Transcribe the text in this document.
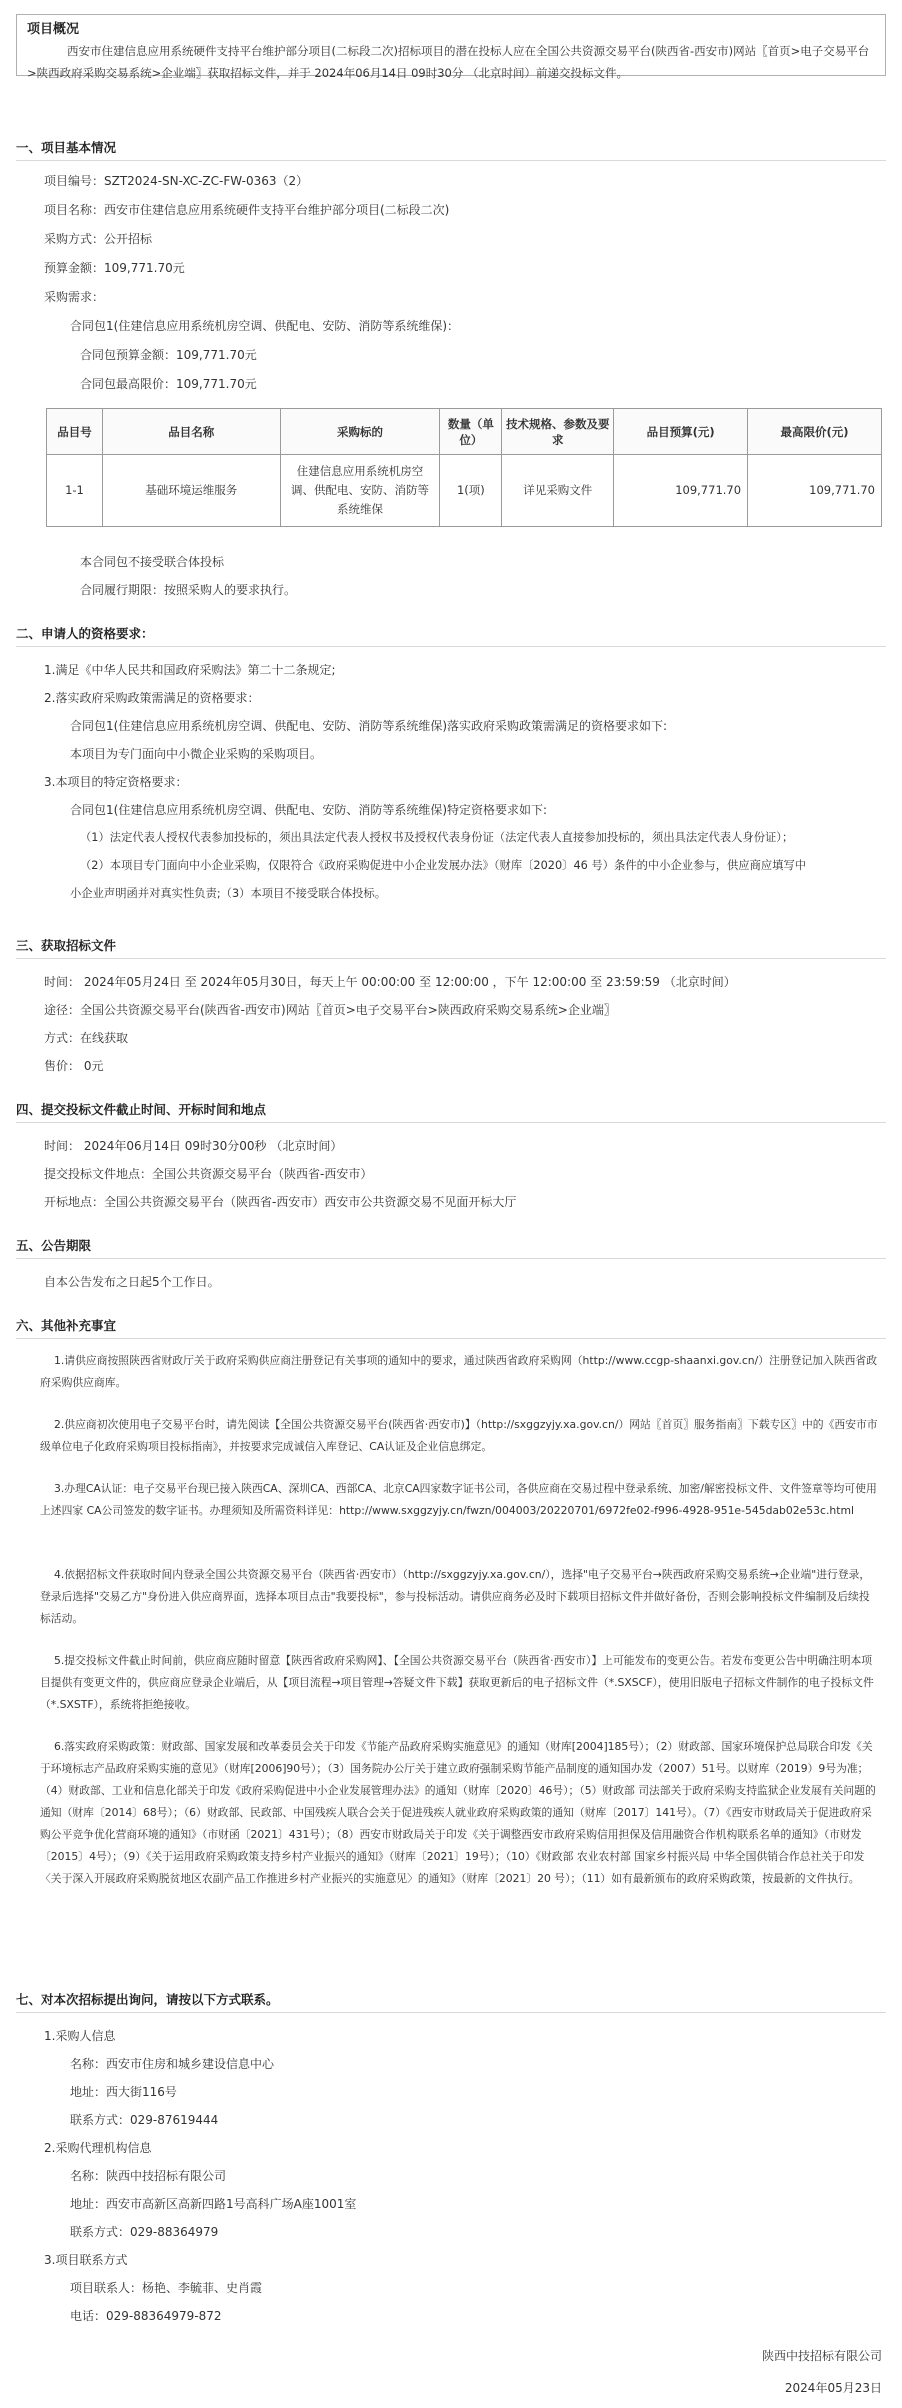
项目概况
西安市住建信息应用系统硬件支持平台维护部分项目(二标段二次)招标项目的潜在投标人应在全国公共资源交易平台(陕西省-西安市)网站〖首页>电子交易平台>陕西政府采购交易系统>企业端〗获取招标文件，并于 2024年06月14日 09时30分 （北京时间）前递交投标文件。
一、项目基本情况
项目编号：SZT2024-SN-XC-ZC-FW-0363（2）
项目名称：西安市住建信息应用系统硬件支持平台维护部分项目(二标段二次)
采购方式：公开招标
预算金额：109,771.70元
采购需求：
合同包1(住建信息应用系统机房空调、供配电、安防、消防等系统维保)：
合同包预算金额：109,771.70元
合同包最高限价：109,771.70元
品目号	品目名称	采购标的	数量（单位）	技术规格、参数及要求	品目预算(元)	最高限价(元)
1-1	基础环境运维服务	住建信息应用系统机房空调、供配电、安防、消防等系统维保	1(项)	详见采购文件	109,771.70	109,771.70
本合同包不接受联合体投标
合同履行期限：按照采购人的要求执行。
二、申请人的资格要求：
1.满足《中华人民共和国政府采购法》第二十二条规定;
2.落实政府采购政策需满足的资格要求：
合同包1(住建信息应用系统机房空调、供配电、安防、消防等系统维保)落实政府采购政策需满足的资格要求如下:
本项目为专门面向中小微企业采购的采购项目。
3.本项目的特定资格要求：
合同包1(住建信息应用系统机房空调、供配电、安防、消防等系统维保)特定资格要求如下:
（1）法定代表人授权代表参加投标的，须出具法定代表人授权书及授权代表身份证（法定代表人直接参加投标的，须出具法定代表人身份证）；
（2）本项目专门面向中小企业采购，仅限符合《政府采购促进中小企业发展办法》（财库〔2020〕46 号）条件的中小企业参与，供应商应填写中
小企业声明函并对真实性负责;（3）本项目不接受联合体投标。
三、获取招标文件
时间： 2024年05月24日 至 2024年05月30日，每天上午 00:00:00 至 12:00:00 ，下午 12:00:00 至 23:59:59 （北京时间）
途径：全国公共资源交易平台(陕西省-西安市)网站〖首页>电子交易平台>陕西政府采购交易系统>企业端〗
方式：在线获取
售价： 0元
四、提交投标文件截止时间、开标时间和地点
时间： 2024年06月14日 09时30分00秒 （北京时间）
提交投标文件地点：全国公共资源交易平台（陕西省-西安市）
开标地点：全国公共资源交易平台（陕西省-西安市）西安市公共资源交易不见面开标大厅
五、公告期限
自本公告发布之日起5个工作日。
六、其他补充事宜
1.请供应商按照陕西省财政厅关于政府采购供应商注册登记有关事项的通知中的要求，通过陕西省政府采购网（http://www.ccgp-shaanxi.gov.cn/）注册登记加入陕西省政府采购供应商库。
2.供应商初次使用电子交易平台时，请先阅读【全国公共资源交易平台(陕西省·西安市)】（http://sxggzyjy.xa.gov.cn/）网站〖首页〗服务指南〗下载专区〗中的《西安市市级单位电子化政府采购项目投标指南》，并按要求完成诚信入库登记、CA认证及企业信息绑定。
3.办理CA认证：电子交易平台现已接入陕西CA、深圳CA、西部CA、北京CA四家数字证书公司，各供应商在交易过程中登录系统、加密/解密投标文件、文件签章等均可使用上述四家 CA公司签发的数字证书。办理须知及所需资料详见：http://www.sxggzyjy.cn/fwzn/004003/20220701/6972fe02-f996-4928-951e-545dab02e53c.html
4.依据招标文件获取时间内登录全国公共资源交易平台（陕西省·西安市）（http://sxggzyjy.xa.gov.cn/），选择"电子交易平台→陕西政府采购交易系统→企业端"进行登录，登录后选择"交易乙方"身份进入供应商界面，选择本项目点击"我要投标"，参与投标活动。请供应商务必及时下载项目招标文件并做好备份，否则会影响投标文件编制及后续投标活动。
5.提交投标文件截止时间前，供应商应随时留意【陕西省政府采购网】、【全国公共资源交易平台（陕西省·西安市）】上可能发布的变更公告。若发布变更公告中明确注明本项目提供有变更文件的，供应商应登录企业端后，从【项目流程→项目管理→答疑文件下载】获取更新后的电子招标文件（*.SXSCF），使用旧版电子招标文件制作的电子投标文件（*.SXSTF），系统将拒绝接收。
6.落实政府采购政策：财政部、国家发展和改革委员会关于印发《节能产品政府采购实施意见》的通知（财库[2004]185号）；（2）财政部、国家环境保护总局联合印发《关于环境标志产品政府采购实施的意见》（财库[2006]90号）；（3）国务院办公厅关于建立政府强制采购节能产品制度的通知国办发（2007）51号。以财库（2019）9号为准；（4）财政部、工业和信息化部关于印发《政府采购促进中小企业发展管理办法》的通知（财库〔2020〕46号）；（5）财政部 司法部关于政府采购支持监狱企业发展有关问题的通知（财库〔2014〕68号）；（6）财政部、民政部、中国残疾人联合会关于促进残疾人就业政府采购政策的通知（财库〔2017〕141号）。（7）《西安市财政局关于促进政府采购公平竞争优化营商环境的通知》（市财函〔2021〕431号）；（8）西安市财政局关于印发《关于调整西安市政府采购信用担保及信用融资合作机构联系名单的通知》（市财发〔2015〕4号）；（9）《关于运用政府采购政策支持乡村产业振兴的通知》（财库〔2021〕19号）；（10）《财政部 农业农村部 国家乡村振兴局 中华全国供销合作总社关于印发〈关于深入开展政府采购脱贫地区农副产品工作推进乡村产业振兴的实施意见〉的通知》（财库〔2021〕20 号）；（11）如有最新颁布的政府采购政策，按最新的文件执行。
七、对本次招标提出询问，请按以下方式联系。
1.采购人信息
名称：西安市住房和城乡建设信息中心
地址：西大街116号
联系方式：029-87619444
2.采购代理机构信息
名称：陕西中技招标有限公司
地址：西安市高新区高新四路1号高科广场A座1001室
联系方式：029-88364979
3.项目联系方式
项目联系人：杨艳、李毓菲、史肖霞
电话：029-88364979-872
陕西中技招标有限公司
2024年05月23日
